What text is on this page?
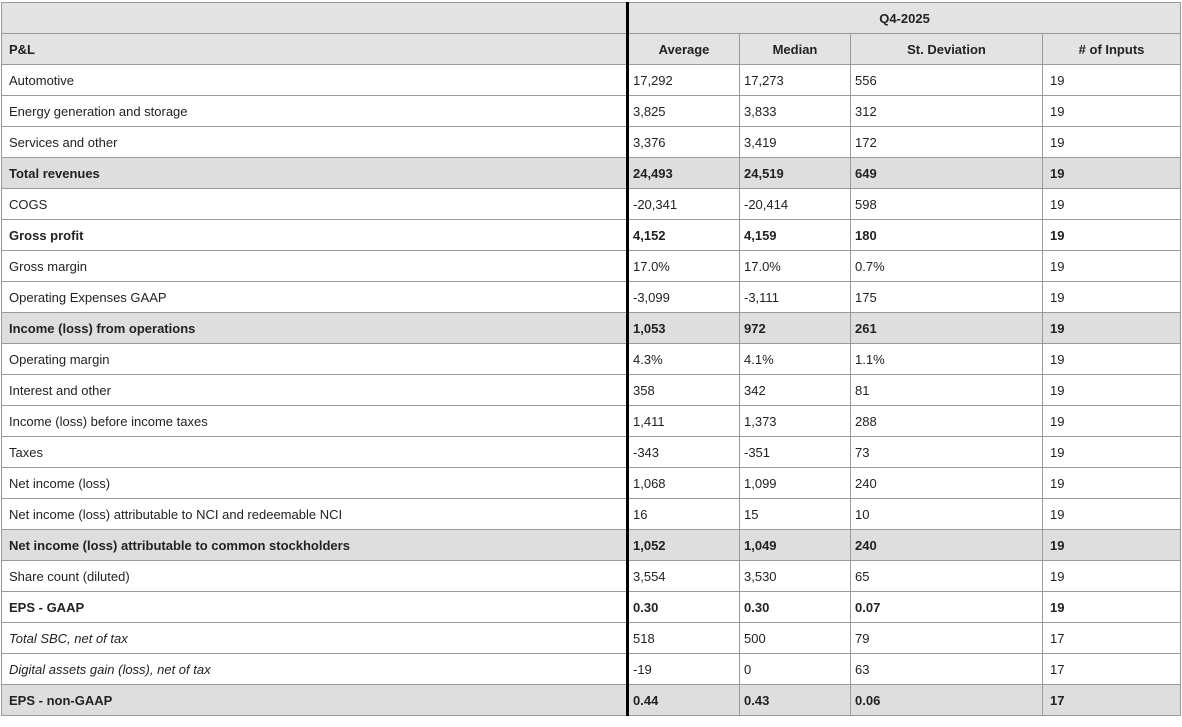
	Q4-2025			
P&L	Average	Median	St. Deviation	# of Inputs
Automotive	17,292	17,273	556	19
Energy generation and storage	3,825	3,833	312	19
Services and other	3,376	3,419	172	19
Total revenues	24,493	24,519	649	19
COGS	-20,341	-20,414	598	19
Gross profit	4,152	4,159	180	19
Gross margin	17.0%	17.0%	0.7%	19
Operating Expenses GAAP	-3,099	-3,111	175	19
Income (loss) from operations	1,053	972	261	19
Operating margin	4.3%	4.1%	1.1%	19
Interest and other	358	342	81	19
Income (loss) before income taxes	1,411	1,373	288	19
Taxes	-343	-351	73	19
Net income (loss)	1,068	1,099	240	19
Net income (loss) attributable to NCI and redeemable NCI	16	15	10	19
Net income (loss) attributable to common stockholders	1,052	1,049	240	19
Share count (diluted)	3,554	3,530	65	19
EPS - GAAP	0.30	0.30	0.07	19
Total SBC, net of tax	518	500	79	17
Digital assets gain (loss), net of tax	-19	0	63	17
EPS - non-GAAP	0.44	0.43	0.06	17
